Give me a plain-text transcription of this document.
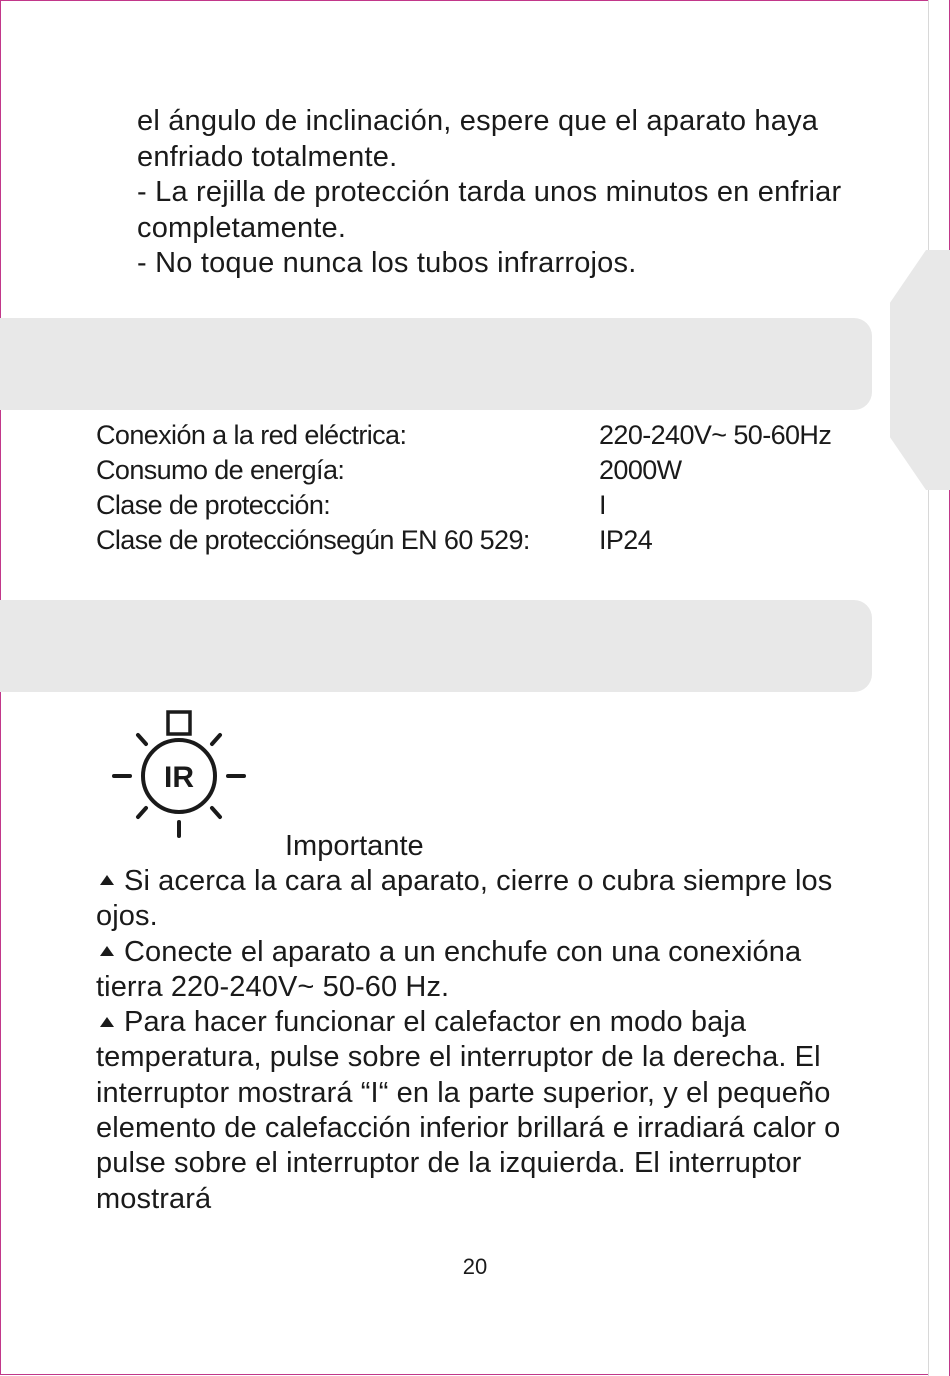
el ángulo de inclinación, espere que el aparato haya enfriado totalmente.

- La rejilla de protección tarda unos minutos en enfriar completamente.

- No toque nunca los tubos infrarrojos.

Conexión a la red eléctrica:	220-240V~ 50-60Hz
Consumo de energía:	2000W
Clase de protección:	I
Clase de protecciónsegún EN 60 529:	IP24
IR
Importante

Si acerca la cara al aparato, cierre o cubra siempre los ojos.

Conecte el aparato a un enchufe con una conexióna tierra 220-240V~ 50-60 Hz.

Para hacer funcionar el calefactor en modo baja temperatura, pulse sobre el interruptor de la derecha. El interruptor mostrará “I“ en la parte superior, y el pequeño elemento de calefacción inferior brillará e irradiará calor o pulse sobre el interruptor de la izquierda. El interruptor mostrará

20
